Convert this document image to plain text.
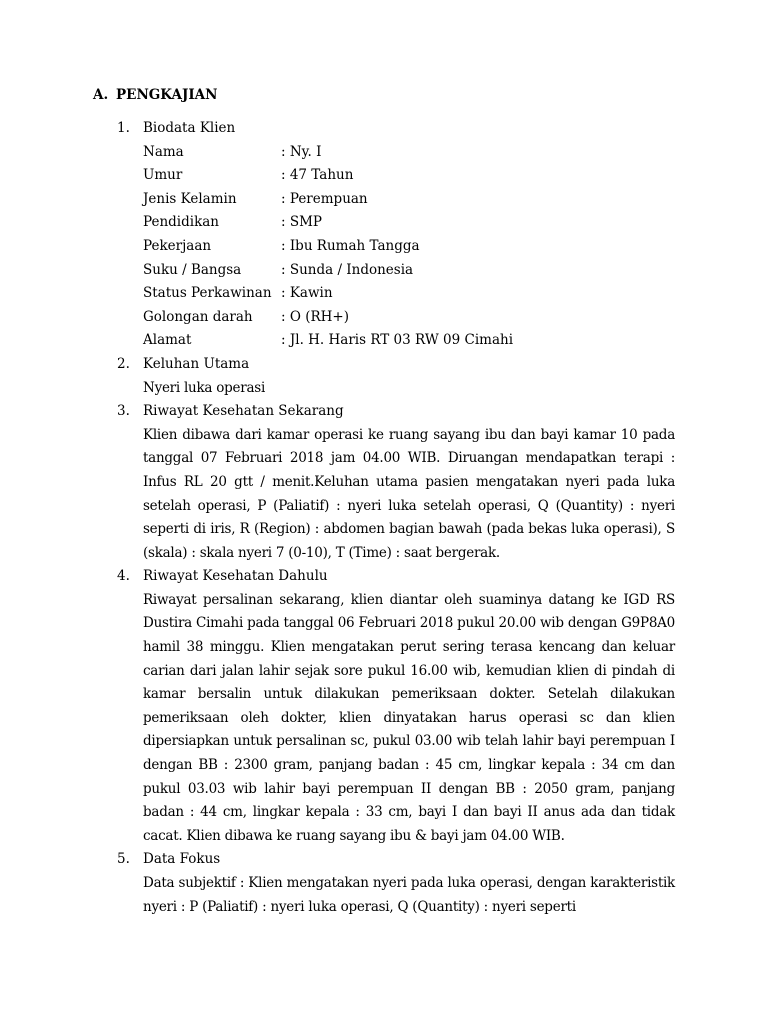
A. PENGKAJIAN
1. Biodata Klien
Nama	: Ny. I
Umur	: 47 Tahun
Jenis Kelamin	: Perempuan
Pendidikan	: SMP
Pekerjaan	: Ibu Rumah Tangga
Suku / Bangsa	: Sunda / Indonesia
Status Perkawinan : Kawin
Golongan darah	: O (RH+)
Alamat	: Jl. H. Haris RT 03 RW 09 Cimahi
2. Keluhan Utama
Nyeri luka operasi
3. Riwayat Kesehatan Sekarang
Klien dibawa dari kamar operasi ke ruang sayang ibu dan bayi kamar 10 pada tanggal 07 Februari 2018 jam 04.00 WIB. Diruangan mendapatkan terapi : Infus RL 20 gtt / menit.Keluhan utama pasien mengatakan nyeri pada luka setelah operasi, P (Paliatif) : nyeri luka setelah operasi, Q (Quantity) : nyeri seperti di iris, R (Region) : abdomen bagian bawah (pada bekas luka operasi), S (skala) : skala nyeri 7 (0-10), T (Time) : saat bergerak.
4. Riwayat Kesehatan Dahulu
Riwayat persalinan sekarang, klien diantar oleh suaminya datang ke IGD RS Dustira Cimahi pada tanggal 06 Februari 2018 pukul 20.00 wib dengan G9P8A0 hamil 38 minggu. Klien mengatakan perut sering terasa kencang dan keluar carian dari jalan lahir sejak sore pukul 16.00 wib, kemudian klien di pindah di kamar bersalin untuk dilakukan pemeriksaan dokter. Setelah dilakukan pemeriksaan oleh dokter, klien dinyatakan harus operasi sc dan klien dipersiapkan untuk persalinan sc, pukul 03.00 wib telah lahir bayi perempuan I dengan BB : 2300 gram, panjang badan : 45 cm, lingkar kepala : 34 cm dan pukul 03.03 wib lahir bayi perempuan II dengan BB : 2050 gram, panjang badan : 44 cm, lingkar kepala : 33 cm, bayi I dan bayi II anus ada dan tidak cacat. Klien dibawa ke ruang sayang ibu & bayi jam 04.00 WIB.
5. Data Fokus
Data subjektif : Klien mengatakan nyeri pada luka operasi, dengan karakteristik nyeri : P (Paliatif) : nyeri luka operasi, Q (Quantity) : nyeri seperti
